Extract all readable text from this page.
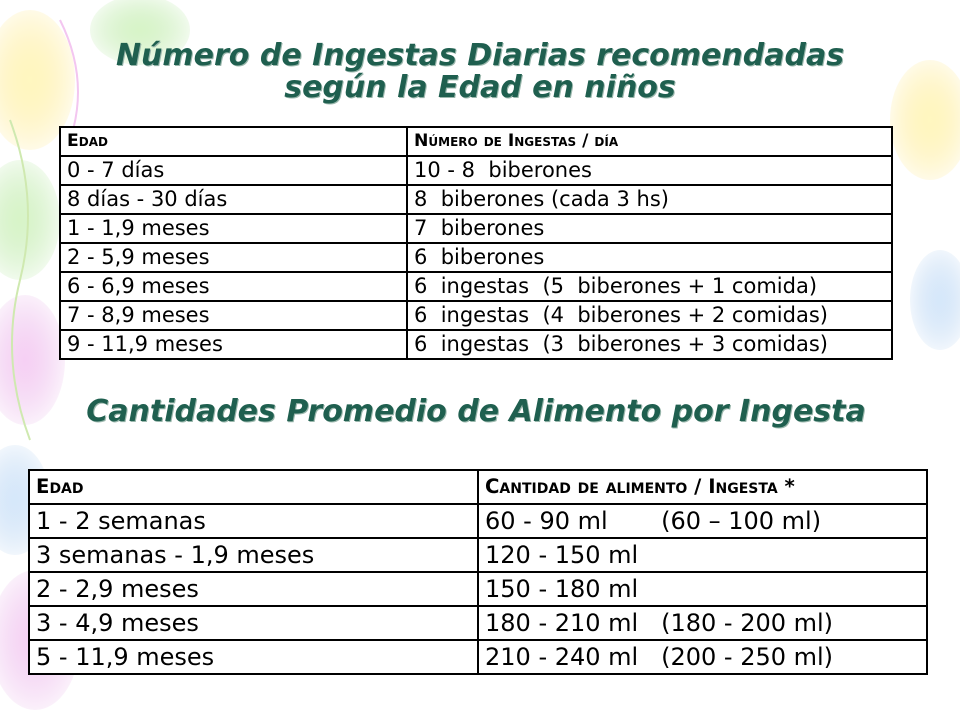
Número de Ingestas Diarias recomendadas
según la Edad en niños
Edad	Número de Ingestas / día
0 - 7 días	10 - 8  biberones
8 días - 30 días	8  biberones (cada 3 hs)
1 - 1,9 meses	7  biberones
2 - 5,9 meses	6  biberones
6 - 6,9 meses	6  ingestas  (5  biberones + 1 comida)
7 - 8,9 meses	6  ingestas  (4  biberones + 2 comidas)
9 - 11,9 meses	6  ingestas  (3  biberones + 3 comidas)
Cantidades Promedio de Alimento por Ingesta
Edad	Cantidad de alimento / Ingesta *
1 - 2 semanas	60 - 90 ml       (60 – 100 ml)
3 semanas - 1,9 meses	120 - 150 ml
2 - 2,9 meses	150 - 180 ml
3 - 4,9 meses	180 - 210 ml   (180 - 200 ml)
5 - 11,9 meses	210 - 240 ml   (200 - 250 ml)
